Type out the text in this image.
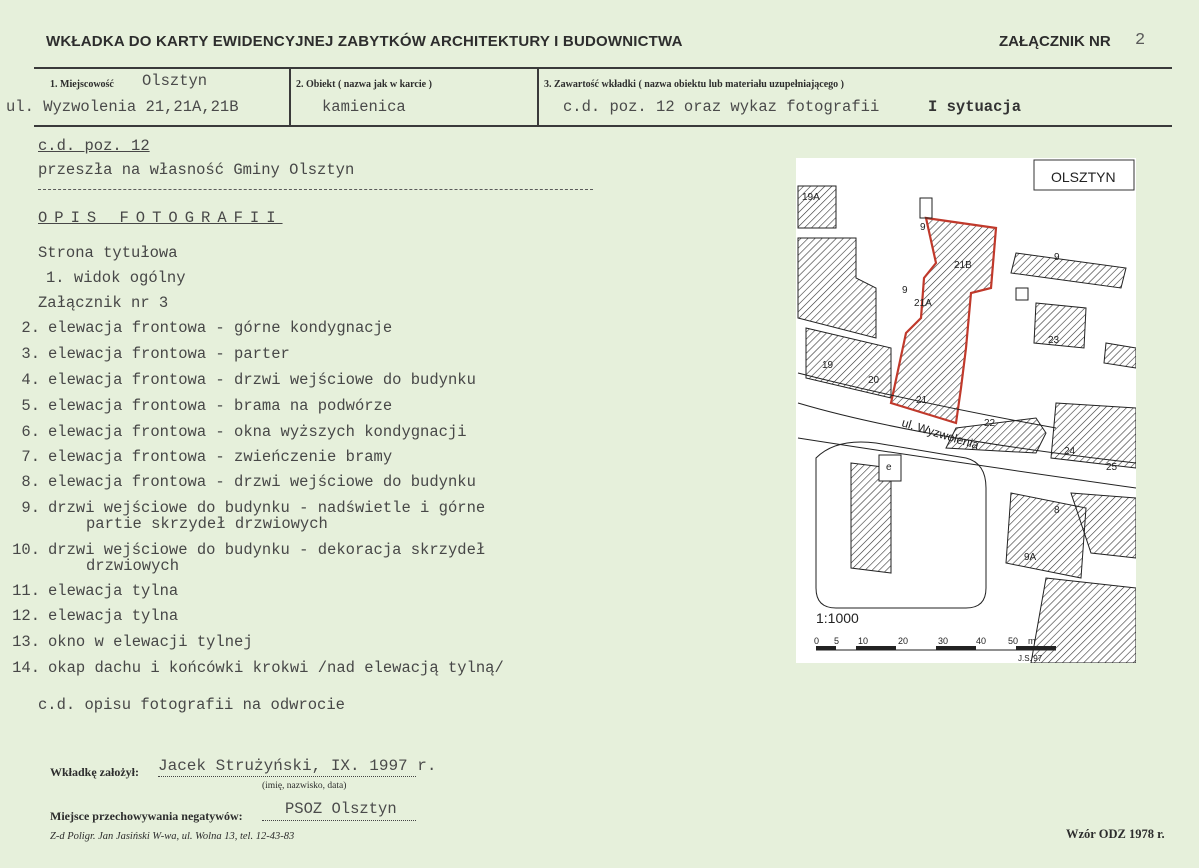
WKŁADKA DO KARTY EWIDENCYJNEJ ZABYTKÓW ARCHITEKTURY I BUDOWNICTWA	ZAŁĄCZNIK NR 2
1. Miejscowość Olsztyn
ul. Wyzwolenia 21,21A,21B
2. Obiekt ( nazwa jak w karcie )
kamienica
3. Zawartość wkładki ( nazwa obiektu lub materiału uzupełniającego )
c.d. poz. 12 oraz wykaz fotografii	I sytuacja
c.d. poz. 12
przeszła na własność Gminy Olsztyn
OPIS FOTOGRAFII
Strona tytułowa
1. widok ogólny
Załącznik nr 3
2. elewacja frontowa - górne kondygnacje
3. elewacja frontowa - parter
4. elewacja frontowa - drzwi wejściowe do budynku
5. elewacja frontowa - brama na podwórze
6. elewacja frontowa - okna wyższych kondygnacji
7. elewacja frontowa - zwieńczenie bramy
8. elewacja frontowa - drzwi wejściowe do budynku
9. drzwi wejściowe do budynku - nadświetle i górne
partie skrzydeł drzwiowych
10. drzwi wejściowe do budynku - dekoracja skrzydeł
drzwiowych
11. elewacja tylna
12. elewacja tylna
13. okno w elewacji tylnej
14. okap dachu i końcówki krokwi /nad elewacją tylną/
c.d. opisu fotografii na odwrocie
OLSZTYN
ul. Wyzwolenia
1:1000
0 5 10	20	30	40 50 m
J.S.'97
19A
21B
21A
21
20
19
22
23
24
25
9
9
9
8
9A
e
Wkładkę założył: Jacek Strużyński, IX. 1997 r.
(imię, nazwisko, data)
Miejsce przechowywania negatywów:	PSOZ Olsztyn
Z-d Poligr. Jan Jasiński W-wa, ul. Wolna 13, tel. 12-43-83	Wzór ODZ 1978 r.
